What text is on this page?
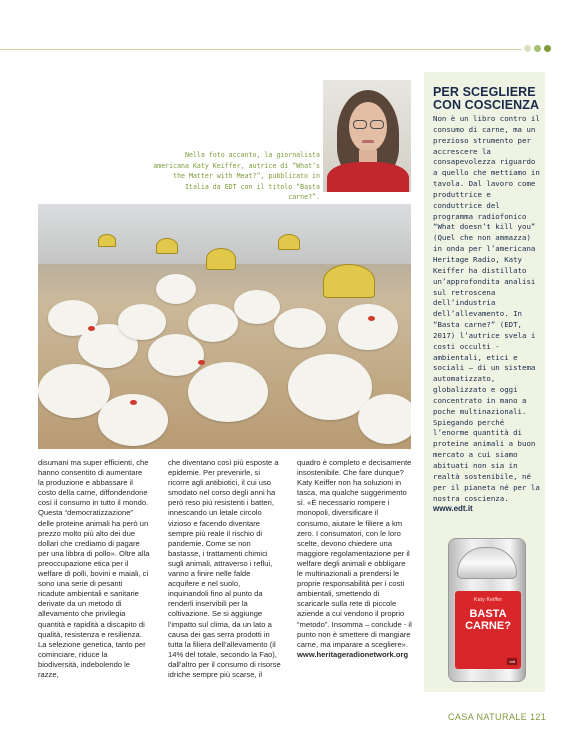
PER SCEGLIERE CON COSCIENZA
Non è un libro contro il consumo di carne, ma un prezioso strumento per accrescere la consapevolezza riguardo a quello che mettiamo in tavola. Dal lavoro come produttrice e conduttrice del programma radiofonico “What doesn’t kill you” (Quel che non ammazza) in onda per l’americana Heritage Radio, Katy Keiffer ha distillato un’approfondita analisi sul retroscena dell’industria dell’allevamento. In “Basta carne?” (EDT, 2017) l’autrice svela i costi occulti - ambientali, etici e sociali – di un sistema automatizzato, globalizzato e oggi concentrato in mano a poche multinazionali. Spiegando perché l’enorme quantità di proteine animali a buon mercato a cui siamo abituati non sia in realtà sostenibile, né per il pianeta né per la nostra coscienza. www.edt.it
Katy Keiffer
BASTA
CARNE?
edt
Nella foto accanto, la giornalista americana Katy Keiffer, autrice di “What’s the Matter with Meat?”, pubblicato in Italia da EDT con il titolo “Basta carne?”.

disumani ma super efficienti, che hanno consentito di aumentare la produzione e abbassare il costo della carne, diffondendone così il consumo in tutto il mondo. Questa “democratizzazione” delle proteine animali ha però un prezzo molto più alto dei due dollari che crediamo di pagare per una libbra di pollo». Oltre alla preoccupazione etica per il welfare di polli, bovini e maiali, ci sono una serie di pesanti ricadute ambientali e sanitarie derivate da un metodo di allevamento che privilegia quantità e rapidità a discapito di qualità, resistenza e resilienza. La selezione genetica, tanto per cominciare, riduce la biodiversità, indebolendo le razze,

che diventano così più esposte a epidemie. Per prevenirle, si ricorre agli antibiotici, il cui uso smodato nel corso degli anni ha però reso più resistenti i batteri, innescando un letale circolo vizioso e facendo diventare sempre più reale il rischio di pandemie. Come se non bastasse, i trattamenti chimici sugli animali, attraverso i reflui, vanno a finire nelle falde acquifere e nel suolo, inquinandoli fino al punto da renderli inservibili per la coltivazione. Se si aggiunge l’impatto sul clima, da un lato a causa dei gas serra prodotti in tutta la filiera dell’allevamento (il 14% del totale, secondo la Fao), dall’altro per il consumo di risorse idriche sempre più scarse, il

quadro è completo e decisamente insostenibile. Che fare dunque? Katy Keiffer non ha soluzioni in tasca, ma qualche suggerimento sì. «È necessario rompere i monopoli, diversificare il consumo, aiutare le filiere a km zero. I consumatori, con le loro scelte, devono chiedere una maggiore regolamentazione per il welfare degli animali e obbligare le multinazionali a prendersi le proprie responsabilità per i costi ambientali, smettendo di scaricarle sulla rete di piccole aziende a cui vendono il proprio “metodo”. Insomma – conclude - il punto non è smettere di mangiare carne, ma imparare a scegliere».

www.heritageradionetwork.org

CASA NATURALE 121
